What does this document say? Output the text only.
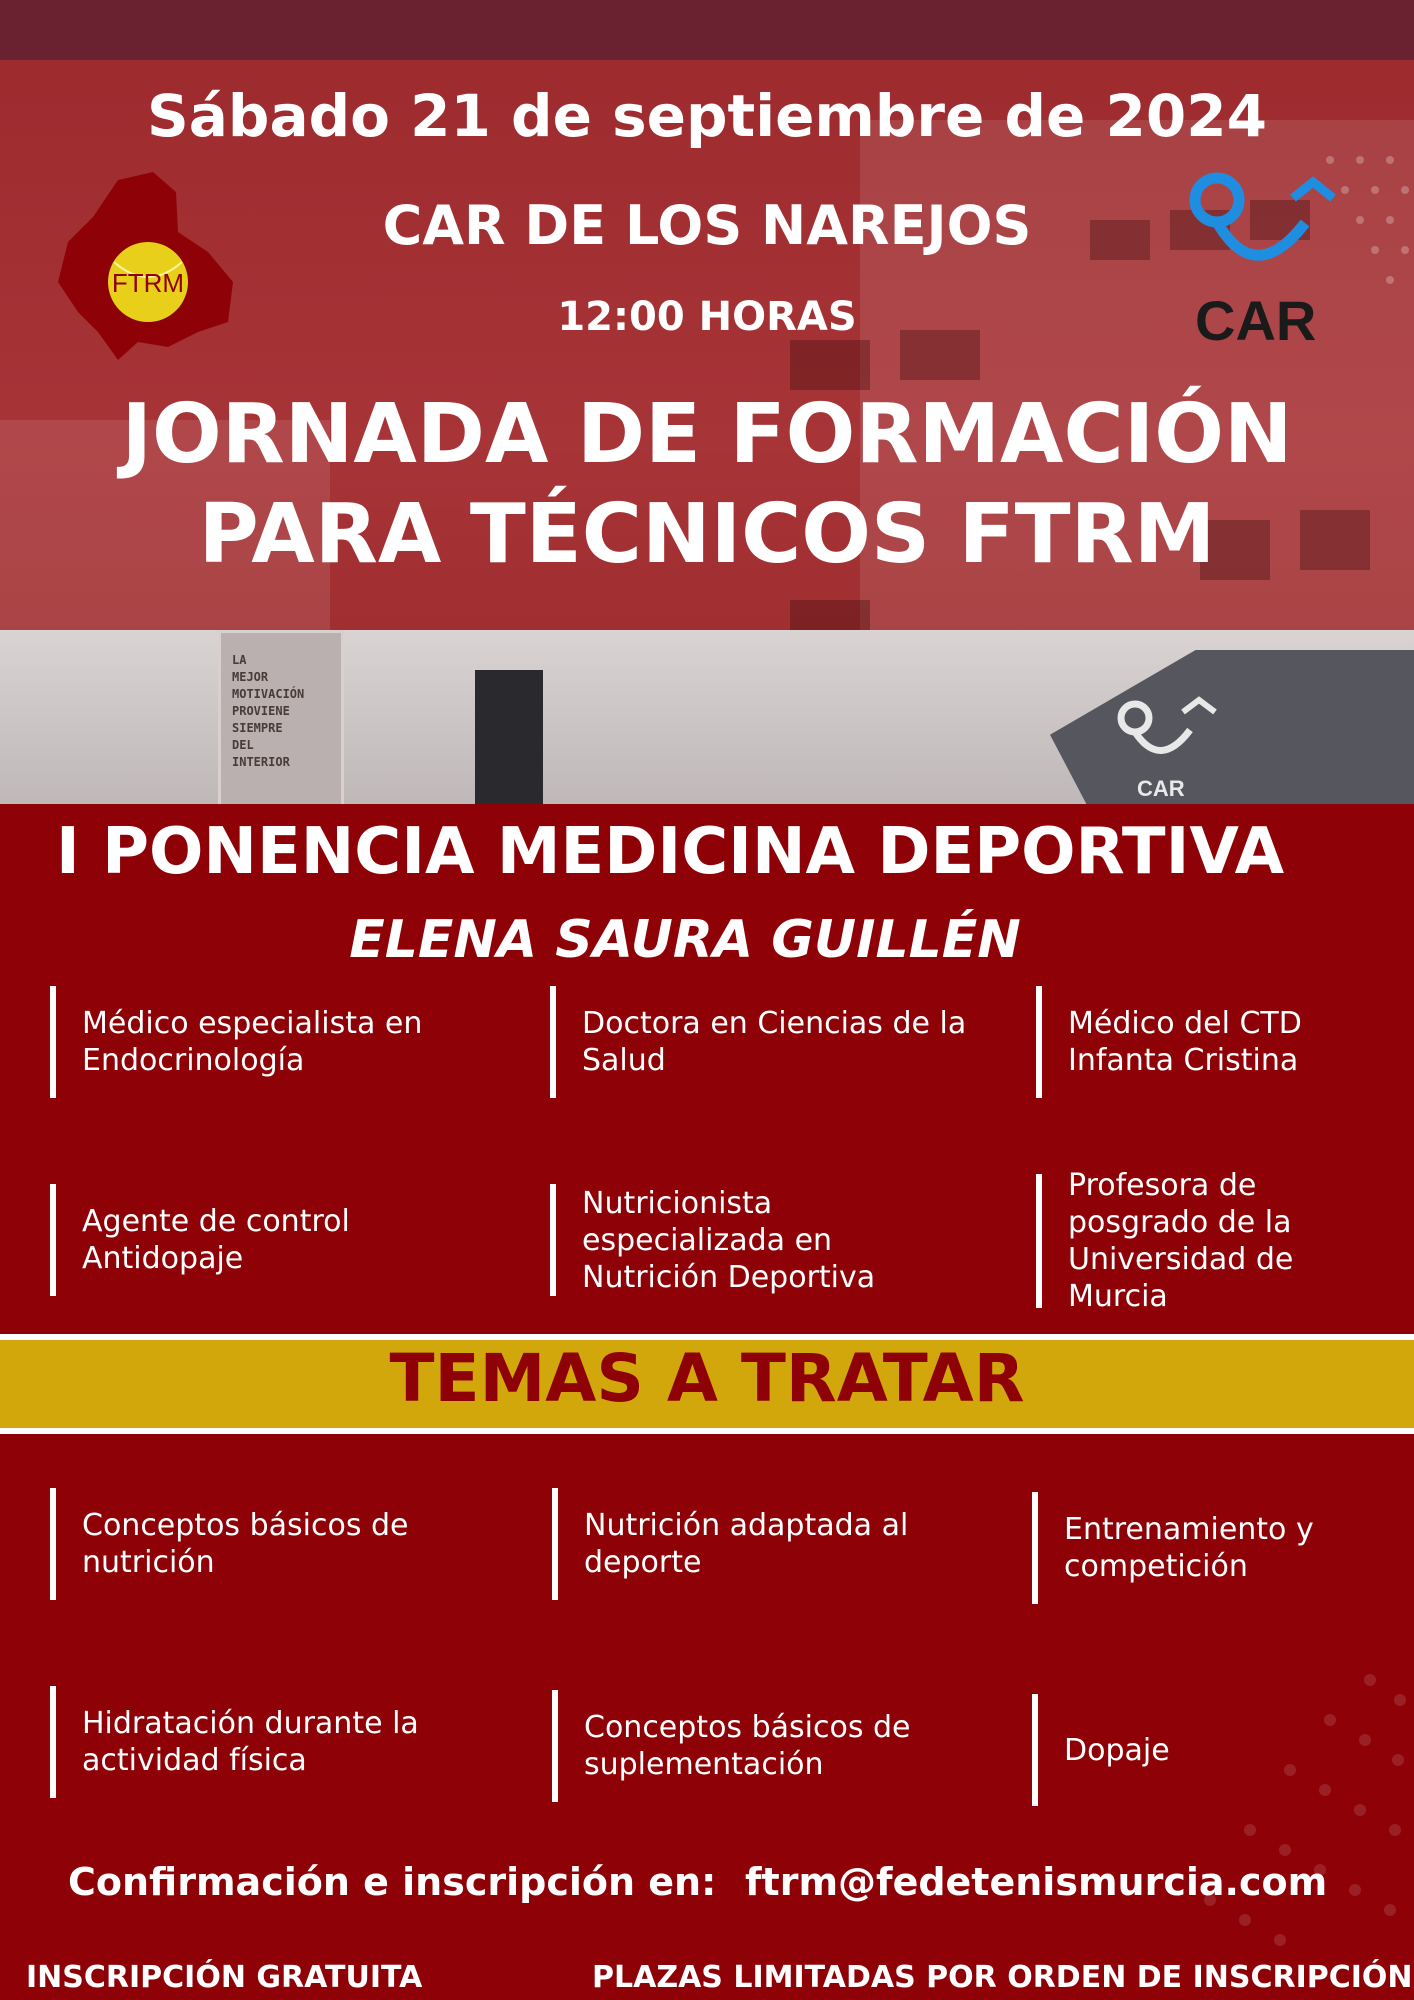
LA
MEJOR
MOTIVACIÓN
PROVIENE
SIEMPRE
DEL
INTERIOR
CAR
FTRM
CAR
Sábado 21 de septiembre de 2024
CAR DE LOS NAREJOS
12:00 HORAS
JORNADA DE FORMACIÓN
PARA TÉCNICOS FTRM
I PONENCIA MEDICINA DEPORTIVA
ELENA SAURA GUILLÉN
Médico especialista en Endocrinología
Doctora en Ciencias de la Salud
Médico del CTD Infanta Cristina
Agente de control Antidopaje
Nutricionista especializada en Nutrición Deportiva
Profesora de posgrado de la Universidad de Murcia
TEMAS A TRATAR
Conceptos básicos de nutrición
Nutrición adaptada al deporte
Entrenamiento y competición
Hidratación durante la actividad física
Conceptos básicos de suplementación	Dopaje
Confirmación e inscripción en: ftrm@fedetenismurcia.com
INSCRIPCIÓN GRATUITA	PLAZAS LIMITADAS POR ORDEN DE INSCRIPCIÓN
